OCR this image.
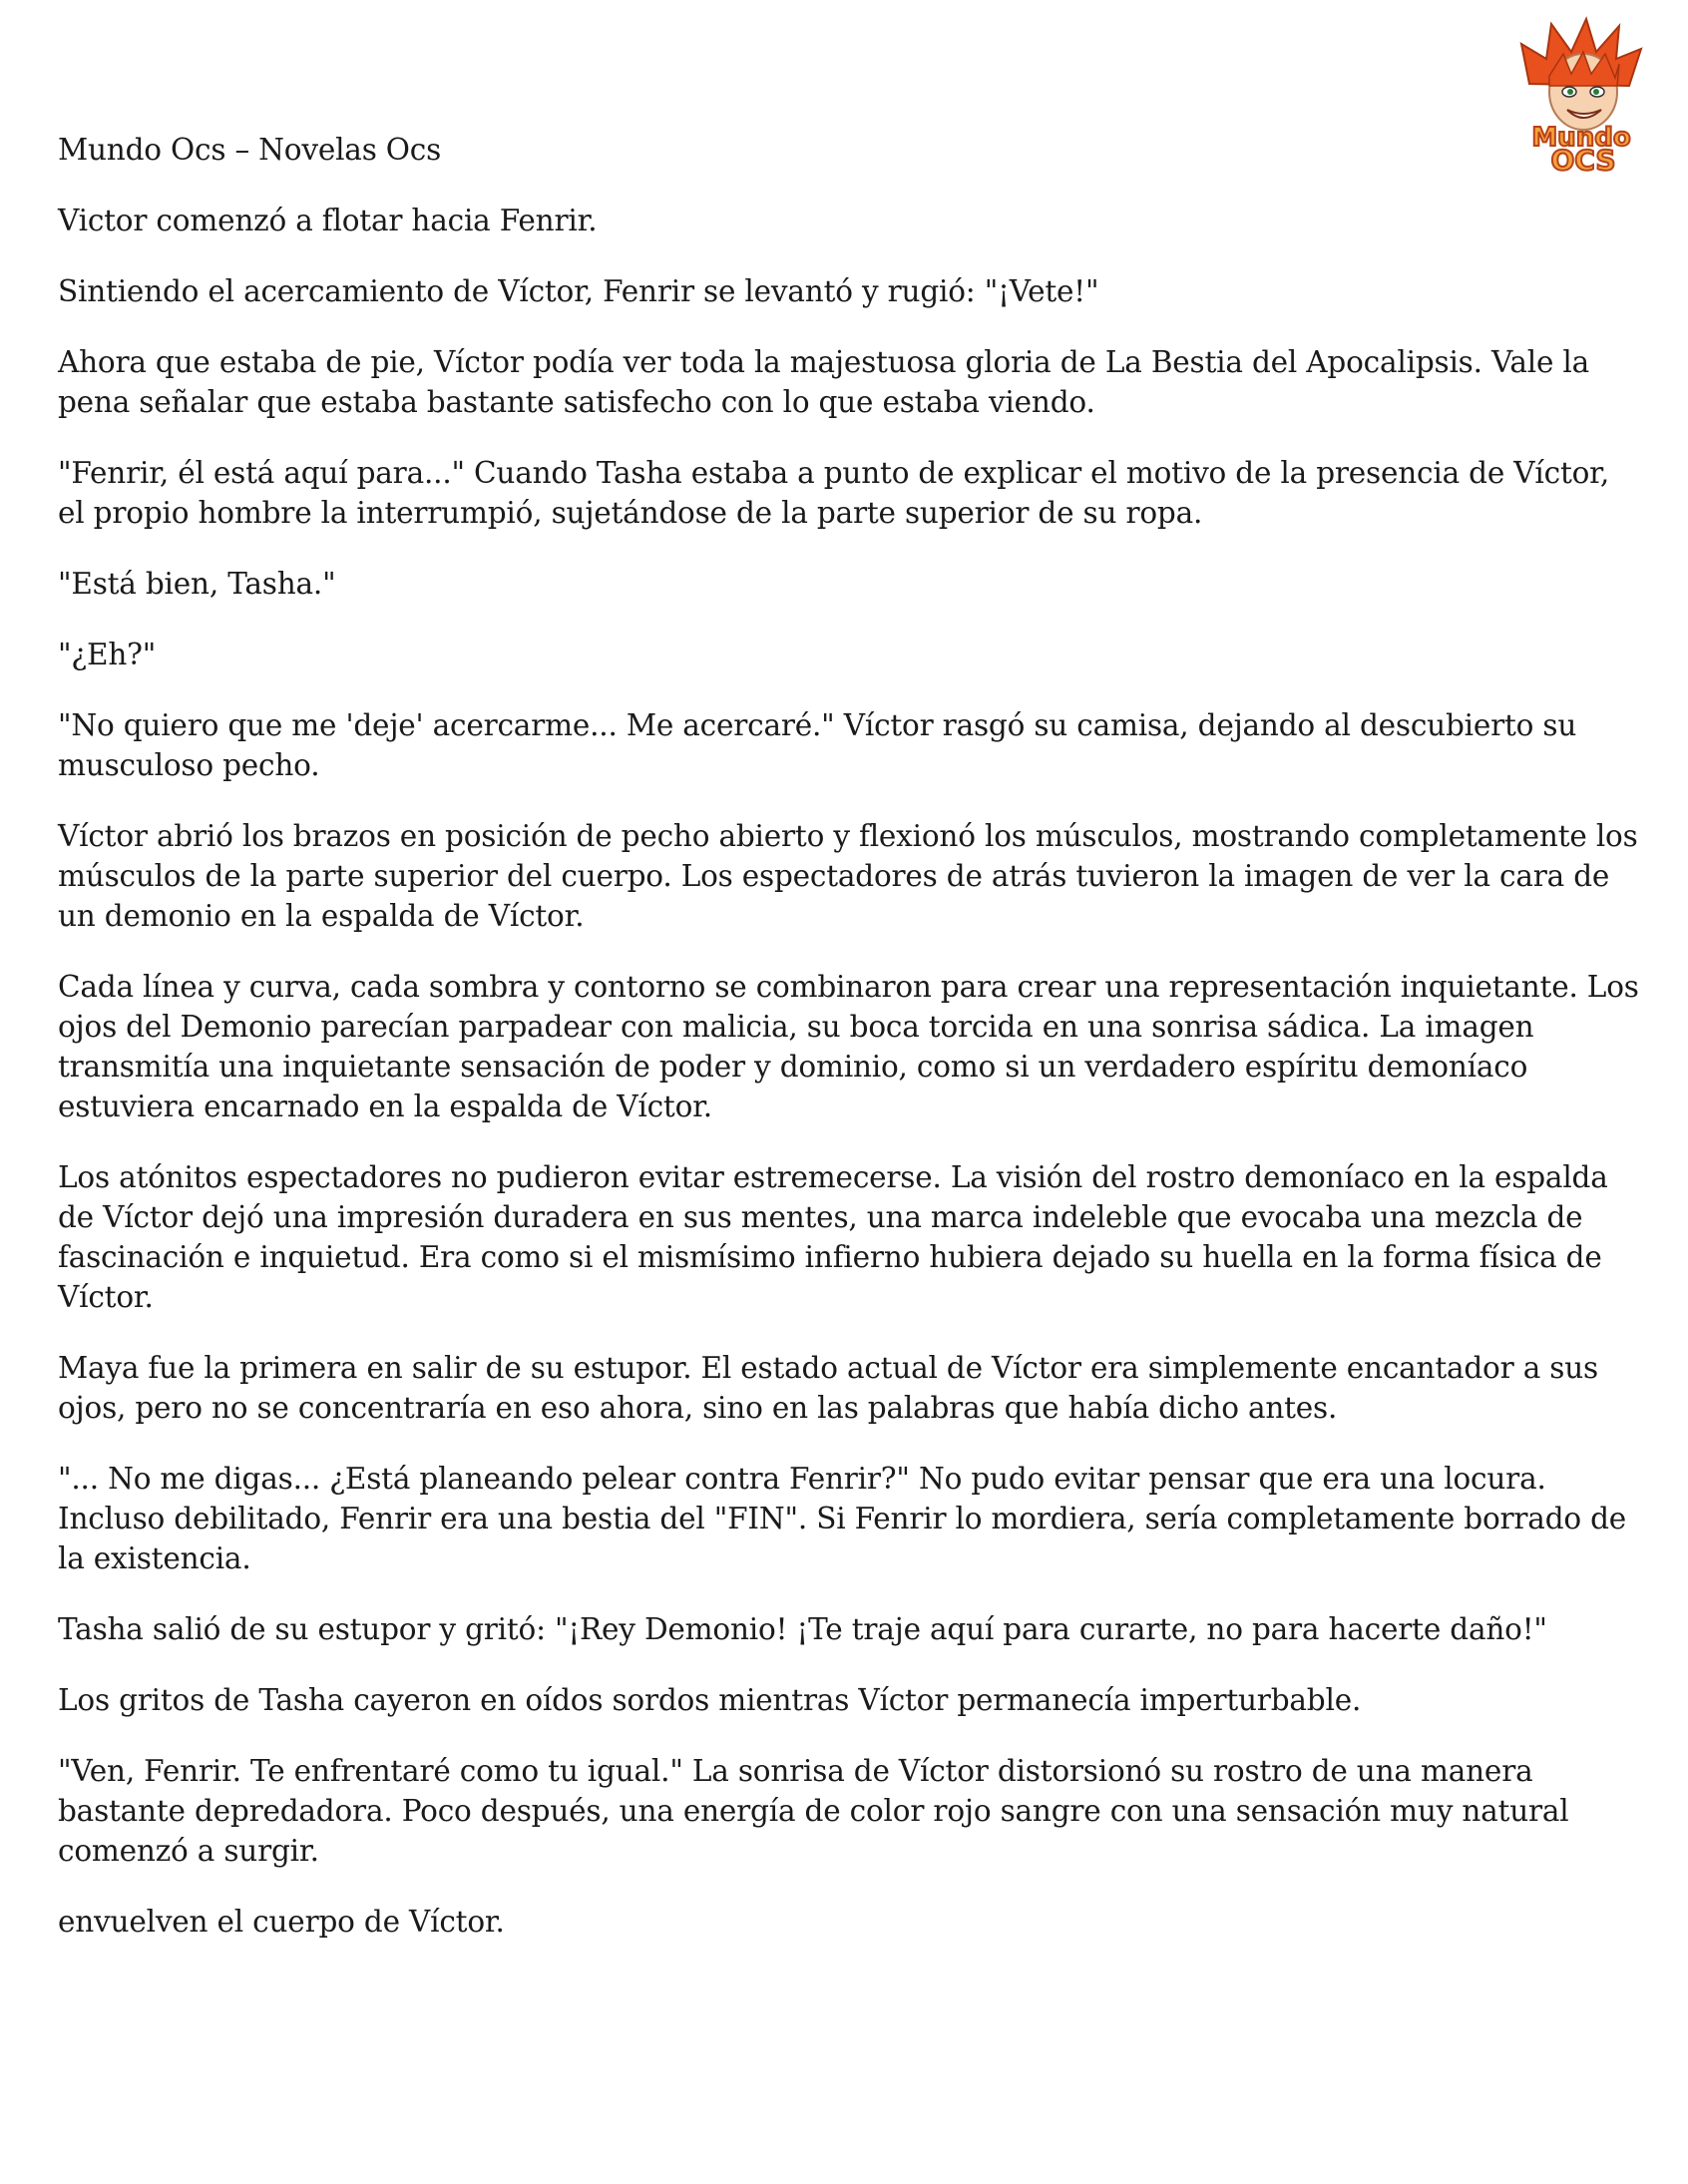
Mundo
OCS

Mundo Ocs – Novelas Ocs

Victor comenzó a flotar hacia Fenrir.

Sintiendo el acercamiento de Víctor, Fenrir se levantó y rugió: "¡Vete!"

Ahora que estaba de pie, Víctor podía ver toda la majestuosa gloria de La Bestia del Apocalipsis. Vale la pena señalar que estaba bastante satisfecho con lo que estaba viendo.

"Fenrir, él está aquí para..." Cuando Tasha estaba a punto de explicar el motivo de la presencia de Víctor, el propio hombre la interrumpió, sujetándose de la parte superior de su ropa.

"Está bien, Tasha."

"¿Eh?"

"No quiero que me 'deje' acercarme... Me acercaré." Víctor rasgó su camisa, dejando al descubierto su musculoso pecho.

Víctor abrió los brazos en posición de pecho abierto y flexionó los músculos, mostrando completamente los músculos de la parte superior del cuerpo. Los espectadores de atrás tuvieron la imagen de ver la cara de un demonio en la espalda de Víctor.

Cada línea y curva, cada sombra y contorno se combinaron para crear una representación inquietante. Los ojos del Demonio parecían parpadear con malicia, su boca torcida en una sonrisa sádica. La imagen transmitía una inquietante sensación de poder y dominio, como si un verdadero espíritu demoníaco estuviera encarnado en la espalda de Víctor.

Los atónitos espectadores no pudieron evitar estremecerse. La visión del rostro demoníaco en la espalda de Víctor dejó una impresión duradera en sus mentes, una marca indeleble que evocaba una mezcla de fascinación e inquietud. Era como si el mismísimo infierno hubiera dejado su huella en la forma física de Víctor.

Maya fue la primera en salir de su estupor. El estado actual de Víctor era simplemente encantador a sus ojos, pero no se concentraría en eso ahora, sino en las palabras que había dicho antes.

"... No me digas... ¿Está planeando pelear contra Fenrir?" No pudo evitar pensar que era una locura. Incluso debilitado, Fenrir era una bestia del "FIN". Si Fenrir lo mordiera, sería completamente borrado de la existencia.

Tasha salió de su estupor y gritó: "¡Rey Demonio! ¡Te traje aquí para curarte, no para hacerte daño!"

Los gritos de Tasha cayeron en oídos sordos mientras Víctor permanecía imperturbable.

"Ven, Fenrir. Te enfrentaré como tu igual." La sonrisa de Víctor distorsionó su rostro de una manera bastante depredadora. Poco después, una energía de color rojo sangre con una sensación muy natural comenzó a surgir.

envuelven el cuerpo de Víctor.
